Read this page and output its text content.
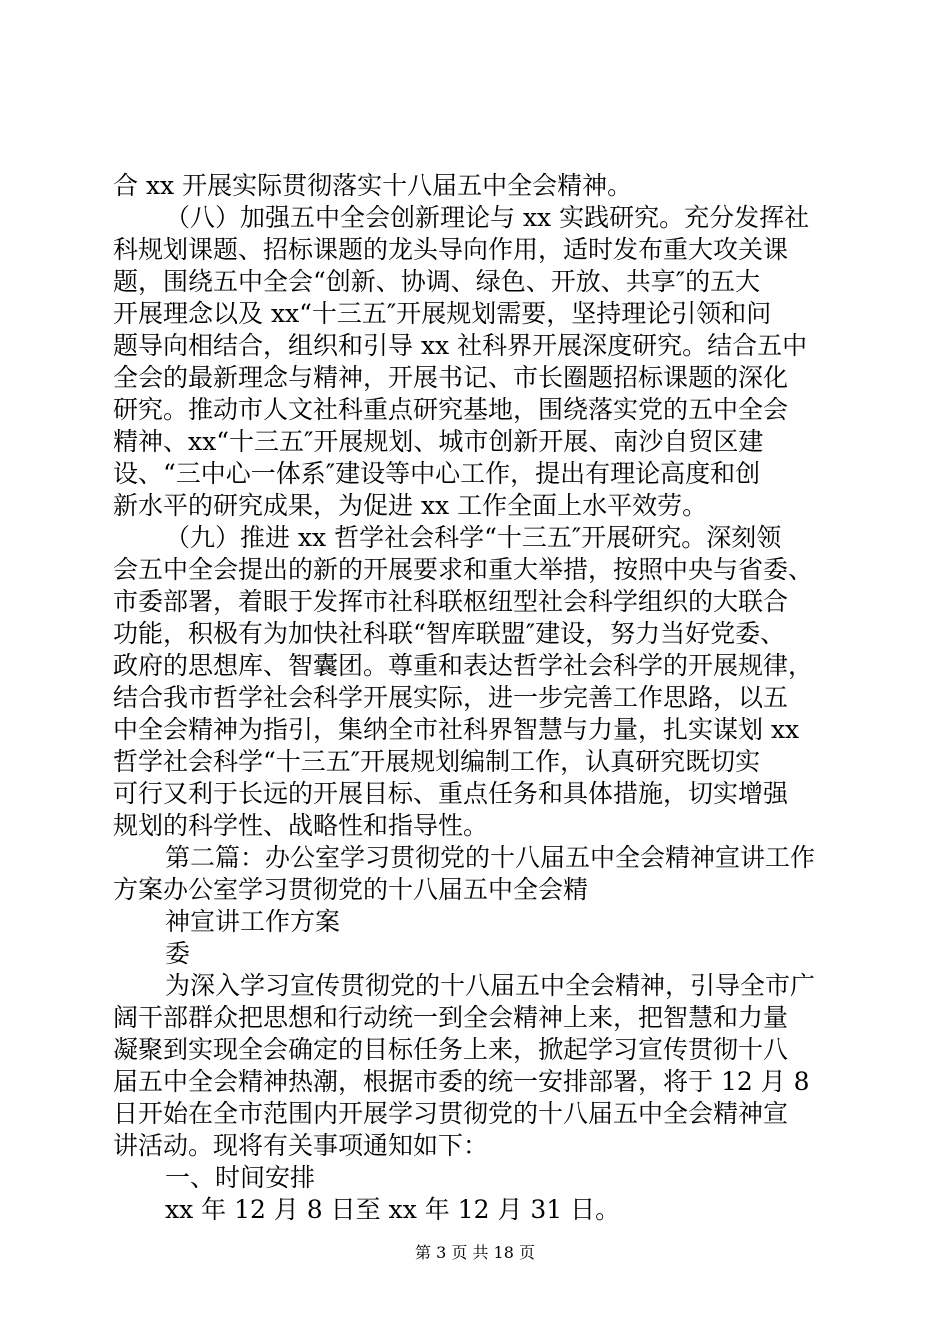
合 xx 开展实际贯彻落实十八届五中全会精神。
（八）加强五中全会创新理论与 xx 实践研究。充分发挥社
科规划课题、招标课题的龙头导向作用，适时发布重大攻关课
题，围绕五中全会“创新、协调、绿色、开放、共享″的五大
开展理念以及 xx“十三五″开展规划需要，坚持理论引领和问
题导向相结合，组织和引导 xx 社科界开展深度研究。结合五中
全会的最新理念与精神，开展书记、市长圈题招标课题的深化
研究。推动市人文社科重点研究基地，围绕落实党的五中全会
精神、xx“十三五″开展规划、城市创新开展、南沙自贸区建
设、“三中心一体系″建设等中心工作，提出有理论高度和创
新水平的研究成果，为促进 xx 工作全面上水平效劳。
（九）推进 xx 哲学社会科学“十三五″开展研究。深刻领
会五中全会提出的新的开展要求和重大举措，按照中央与省委、
市委部署，着眼于发挥市社科联枢纽型社会科学组织的大联合
功能，积极有为加快社科联“智库联盟″建设，努力当好党委、
政府的思想库、智囊团。尊重和表达哲学社会科学的开展规律，
结合我市哲学社会科学开展实际，进一步完善工作思路，以五
中全会精神为指引，集纳全市社科界智慧与力量，扎实谋划 xx
哲学社会科学“十三五″开展规划编制工作，认真研究既切实
可行又利于长远的开展目标、重点任务和具体措施，切实增强
规划的科学性、战略性和指导性。
第二篇：办公室学习贯彻党的十八届五中全会精神宣讲工作
方案办公室学习贯彻党的十八届五中全会精
神宣讲工作方案
委
为深入学习宣传贯彻党的十八届五中全会精神，引导全市广
阔干部群众把思想和行动统一到全会精神上来，把智慧和力量
凝聚到实现全会确定的目标任务上来，掀起学习宣传贯彻十八
届五中全会精神热潮，根据市委的统一安排部署，将于 12 月 8
日开始在全市范围内开展学习贯彻党的十八届五中全会精神宣
讲活动。现将有关事项通知如下：
一、时间安排
xx 年 12 月 8 日至 xx 年 12 月 31 日。
第 3 页 共 18 页
